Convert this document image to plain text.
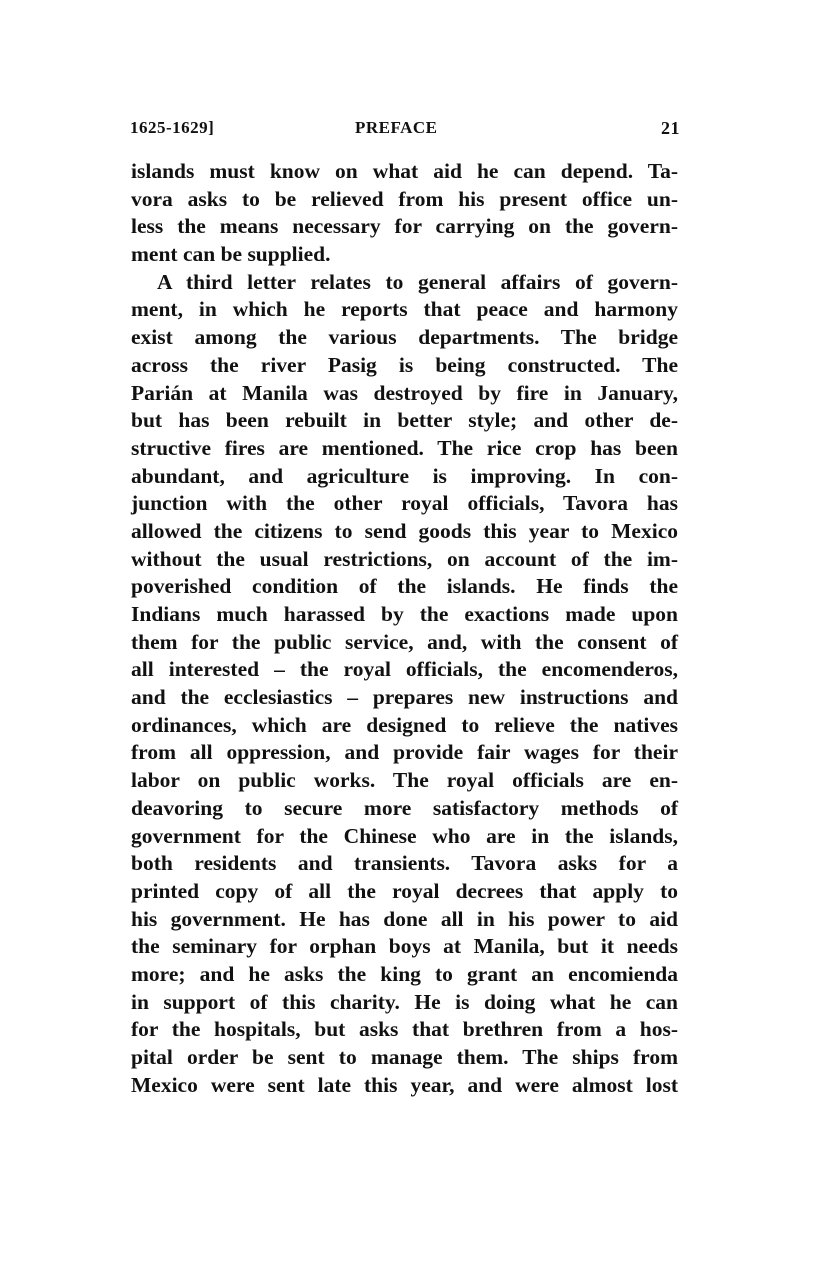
1625-1629]	PREFACE	21
islands must know on what aid he can depend. Ta-
vora asks to be relieved from his present office un-
less the means necessary for carrying on the govern-
ment can be supplied.
A third letter relates to general affairs of govern-
ment, in which he reports that peace and harmony
exist among the various departments. The bridge
across the river Pasig is being constructed. The
Parián at Manila was destroyed by fire in January,
but has been rebuilt in better style; and other de-
structive fires are mentioned. The rice crop has been
abundant, and agriculture is improving. In con-
junction with the other royal officials, Tavora has
allowed the citizens to send goods this year to Mexico
without the usual restrictions, on account of the im-
poverished condition of the islands. He finds the
Indians much harassed by the exactions made upon
them for the public service, and, with the consent of
all interested – the royal officials, the encomenderos,
and the ecclesiastics – prepares new instructions and
ordinances, which are designed to relieve the natives
from all oppression, and provide fair wages for their
labor on public works. The royal officials are en-
deavoring to secure more satisfactory methods of
government for the Chinese who are in the islands,
both residents and transients. Tavora asks for a
printed copy of all the royal decrees that apply to
his government. He has done all in his power to aid
the seminary for orphan boys at Manila, but it needs
more; and he asks the king to grant an encomienda
in support of this charity. He is doing what he can
for the hospitals, but asks that brethren from a hos-
pital order be sent to manage them. The ships from
Mexico were sent late this year, and were almost lost
